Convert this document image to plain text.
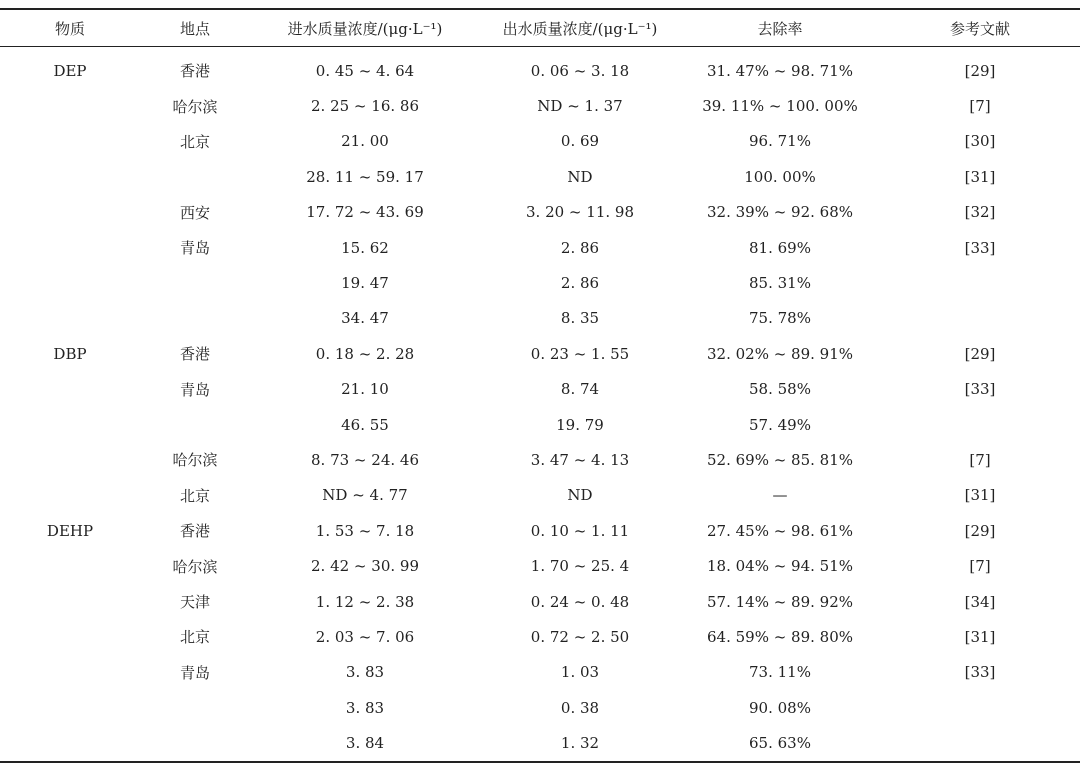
物质	地点	进水质量浓度/(μg·L⁻¹)	出水质量浓度/(μg·L⁻¹)	去除率	参考文献
DEP	香港	0. 45 ~ 4. 64	0. 06 ~ 3. 18	31. 47% ~ 98. 71%	[29]
	哈尔滨	2. 25 ~ 16. 86	ND ~ 1. 37	39. 11% ~ 100. 00%	[7]
	北京	21. 00	0. 69	96. 71%	[30]
		28. 11 ~ 59. 17	ND	100. 00%	[31]
	西安	17. 72 ~ 43. 69	3. 20 ~ 11. 98	32. 39% ~ 92. 68%	[32]
	青岛	15. 62	2. 86	81. 69%	[33]
		19. 47	2. 86	85. 31%	
		34. 47	8. 35	75. 78%	
DBP	香港	0. 18 ~ 2. 28	0. 23 ~ 1. 55	32. 02% ~ 89. 91%	[29]
	青岛	21. 10	8. 74	58. 58%	[33]
		46. 55	19. 79	57. 49%	
	哈尔滨	8. 73 ~ 24. 46	3. 47 ~ 4. 13	52. 69% ~ 85. 81%	[7]
	北京	ND ~ 4. 77	ND	—	[31]
DEHP	香港	1. 53 ~ 7. 18	0. 10 ~ 1. 11	27. 45% ~ 98. 61%	[29]
	哈尔滨	2. 42 ~ 30. 99	1. 70 ~ 25. 4	18. 04% ~ 94. 51%	[7]
	天津	1. 12 ~ 2. 38	0. 24 ~ 0. 48	57. 14% ~ 89. 92%	[34]
	北京	2. 03 ~ 7. 06	0. 72 ~ 2. 50	64. 59% ~ 89. 80%	[31]
	青岛	3. 83	1. 03	73. 11%	[33]
		3. 83	0. 38	90. 08%	
		3. 84	1. 32	65. 63%	
